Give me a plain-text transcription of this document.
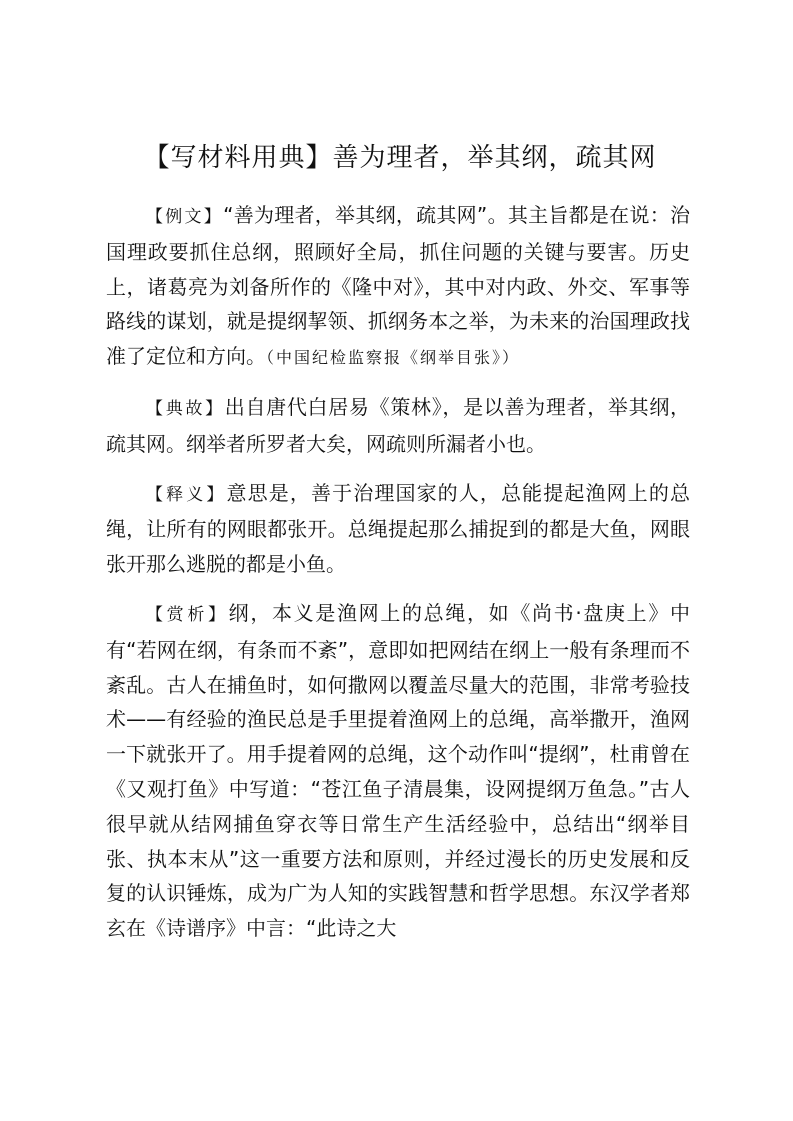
【写材料用典】善为理者，举其纲，疏其网

【例文】“善为理者，举其纲，疏其网”。其主旨都是在说：治国理政要抓住总纲，照顾好全局，抓住问题的关键与要害。历史上，诸葛亮为刘备所作的《隆中对》，其中对内政、外交、军事等路线的谋划，就是提纲挈领、抓纲务本之举，为未来的治国理政找准了定位和方向。（中国纪检监察报《纲举目张》）

【典故】出自唐代白居易《策林》，是以善为理者，举其纲，疏其网。纲举者所罗者大矣，网疏则所漏者小也。

【释义】意思是，善于治理国家的人，总能提起渔网上的总绳，让所有的网眼都张开。总绳提起那么捕捉到的都是大鱼，网眼张开那么逃脱的都是小鱼。

【赏析】纲，本义是渔网上的总绳，如《尚书·盘庚上》中有“若网在纲，有条而不紊”，意即如把网结在纲上一般有条理而不紊乱。古人在捕鱼时，如何撒网以覆盖尽量大的范围，非常考验技术——有经验的渔民总是手里提着渔网上的总绳，高举撒开，渔网一下就张开了。用手提着网的总绳，这个动作叫“提纲”，杜甫曾在《又观打鱼》中写道：“苍江鱼子清晨集，设网提纲万鱼急。”古人很早就从结网捕鱼穿衣等日常生产生活经验中，总结出“纲举目张、执本末从”这一重要方法和原则，并经过漫长的历史发展和反复的认识锤炼，成为广为人知的实践智慧和哲学思想。东汉学者郑玄在《诗谱序》中言：“此诗之大
